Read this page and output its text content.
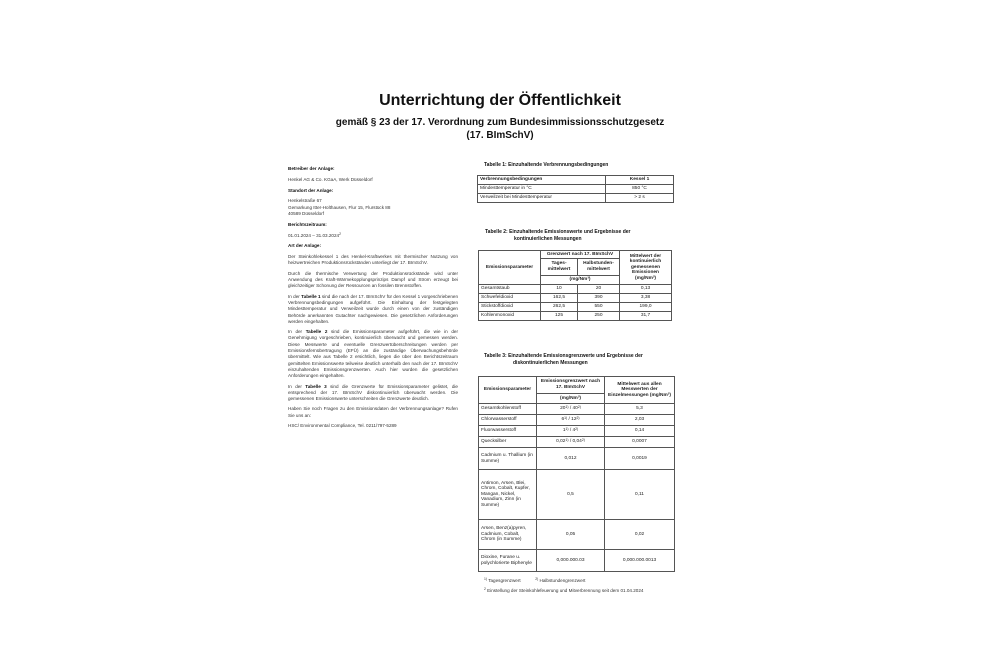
Unterrichtung der Öffentlichkeit
gemäß § 23 der 17. Verordnung zum Bundesimmissionsschutzgesetz
(17. BImSchV)
Betreiber der Anlage:
Henkel AG & Co. KGaA, Werk Düsseldorf
Standort der Anlage:
Henkelstraße 67
Gemarkung Itter-Holthausen, Flur 15, Flurstück 88
40589 Düsseldorf
Berichtszeitraum:
01.01.2024 – 31.03.2024$^2$
Art der Anlage:

Der Steinkohlekessel 1 des Henkel-Kraftwerkes mit thermischer Nutzung von heizwertreichen Produktionsrückständen unterliegt der 17. BImSchV.

Durch die thermische Verwertung der Produktionsrückstände wird unter Anwendung des Kraft-Wärmekopplungsprinzips Dampf und Strom erzeugt bei gleichzeitiger Schonung der Ressourcen an fossilen Brennstoffen.

In der Tabelle 1 sind die nach der 17. BImSchV für den Kessel 1 vorgeschriebenen Verbrennungsbedingungen aufgeführt. Die Einhaltung der festgelegten Mindesttemperatur und Verweilzeit wurde durch einen von der zuständigen Behörde anerkannten Gutachter nachgewiesen. Die gesetzlichen Anforderungen werden eingehalten.

In der Tabelle 2 sind die Emissionsparameter aufgeführt, die wie in der Genehmigung vorgeschrieben, kontinuierlich überwacht und gemessen werden. Diese Messwerte und eventuelle Grenzwertüberschreitungen werden per Emissionsfernübertragung (EFÜ) an die zuständige Überwachungsbehörde übermittelt. Wie aus Tabelle 2 ersichtlich, liegen die über den Berichtszeitraum gemittelten Emissionswerte teilweise deutlich unterhalb den nach der 17. BImSchV einzuhaltenden Emissionsgrenzwerten. Auch hier wurden die gesetzlichen Anforderungen eingehalten.

In der Tabelle 3 sind die Grenzwerte für Emissionsparameter gelistet, die entsprechend der 17. BImSchV diskontinuierlich überwacht werden. Die gemessenen Emissionswerte unterschreiten die Grenzwerte deutlich.

Haben Sie noch Fragen zu den Emissionsdaten der Verbrennungsanlage? Rufen Sie uns an:

HSC/ Environmental Compliance, Tel. 0211/797-5289

Tabelle 1: Einzuhaltende Verbrennungsbedingungen
Verbrennungsbedingungen	Kessel 1
Mindesttemperatur in °C	850 °C
Verweilzeit bei Mindesttemperatur	> 2 s
Tabelle 2: Einzuhaltende Emissionswerte und Ergebnisse der
kontinuierlichen Messungen
Emissionsparameter	Grenzwert nach 17. BImSchV		Mittelwert der kontinuierlich gemessenen Emissionen (mg/Nm³)
	Tages-mittelwert	Halbstunden-mittelwert	
	(mg/Nm³)		
Gesamtstaub	10	20	0,13
Schwefeldioxid	162,5	390	3,38
Stickstoffdioxid	262,5	550	199,0
Kohlenmonoxid	125	250	31,7
Tabelle 3: Einzuhaltende Emissionsgrenzwerte und Ergebnisse der
diskontinuierlichen Messungen
Emissionsparameter	Emissionsgrenzwert nach 17. BImSchV	Mittelwert aus allen Messwerten der Einzelmessungen (mg/Nm³)
	(mg/Nm³)	
Gesamtkohlenstoff	20$^{1)}$ / 40$^{2)}$	5,3
Chlorwasserstoff	6$^{1)}$ / 12$^{2)}$	2,03
Fluorwasserstoff	1$^{1)}$ / 4$^{2)}$	0,14
Quecksilber	0,02$^{1)}$ / 0,04$^{2)}$	0,0007
Cadmium u. Thallium (in Summe)	0,012	0,0019
Antimon, Arsen, Blei, Chrom, Cobalt, Kupfer, Mangan, Nickel, Vanadium, Zinn (in Summe)	0,5	0,11
Arsen, Benz(a)pyren, Cadmium, Cobalt, Chrom (in Summe)	0,05	0,02
Dioxine, Furane u. polychlorierte Biphenyle	0,000.000.03	0,000.000.0013
$^{1)}$ Tagesgrenzwert	$^{2)}$ Halbstundengrenzwert
$^2$ Einstellung der Steinkohlefeuerung und Mitverbrennung seit dem 01.04.2024
